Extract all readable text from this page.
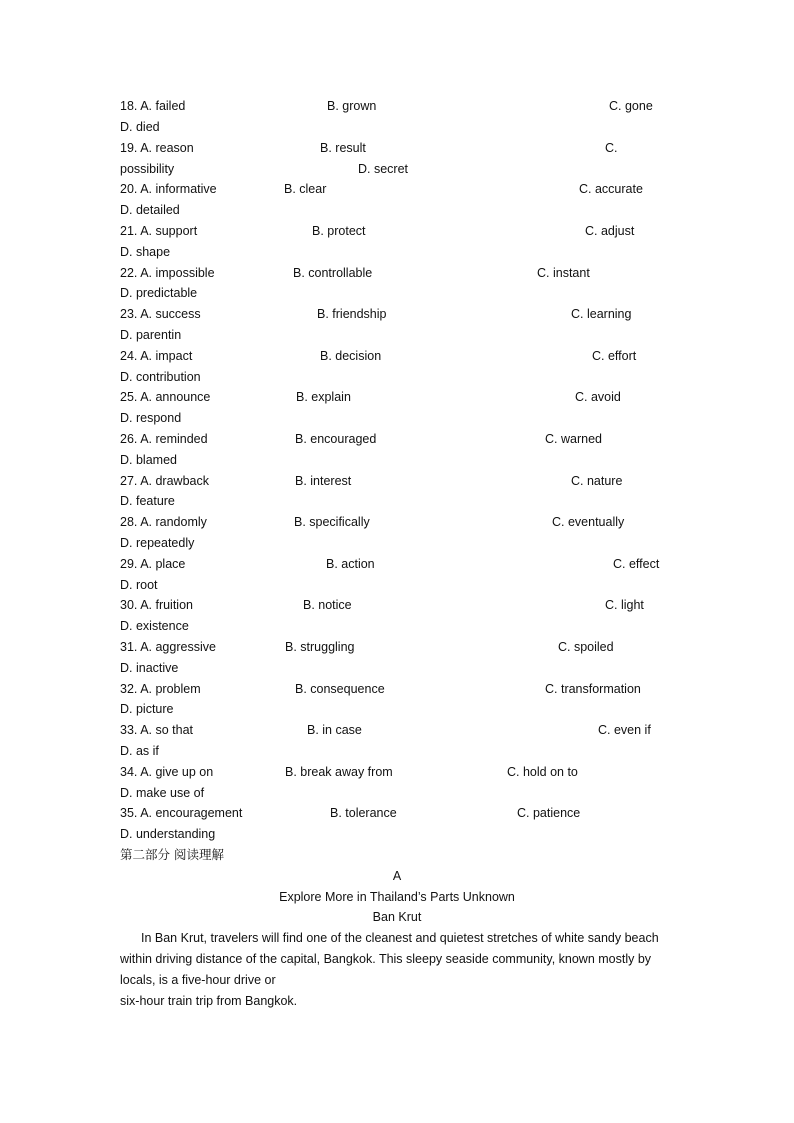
18. A. failed	B. grown	C. gone
D. died
19. A. reason	B. result	C.
possibility	D. secret
20. A. informative	B. clear	C. accurate
D. detailed
21. A. support	B. protect	C. adjust
D. shape
22. A. impossible	B. controllable	C. instant
D. predictable
23. A. success	B. friendship	C. learning
D. parentin
24. A. impact	B. decision	C. effort
D. contribution
25. A. announce	B. explain	C. avoid
D. respond
26. A. reminded	B. encouraged	C. warned
D. blamed
27. A. drawback	B. interest	C. nature
D. feature
28. A. randomly	B. specifically	C. eventually
D. repeatedly
29. A. place	B. action	C. effect
D. root
30. A. fruition	B. notice	C. light
D. existence
31. A. aggressive	B. struggling	C. spoiled
D. inactive
32. A. problem	B. consequence	C. transformation
D. picture
33. A. so that	B. in case	C. even if
D. as if
34. A. give up on	B. break away from	C. hold on to
D. make use of
35. A. encouragement	B. tolerance	C. patience
D. understanding
第二部分 阅读理解
A
Explore More in Thailand’s Parts Unknown
Ban Krut
In Ban Krut, travelers will find one of the cleanest and quietest stretches of white sandy beach within driving distance of the capital, Bangkok. This sleepy seaside community, known mostly by locals, is a five-hour drive or
six-hour train trip from Bangkok.
